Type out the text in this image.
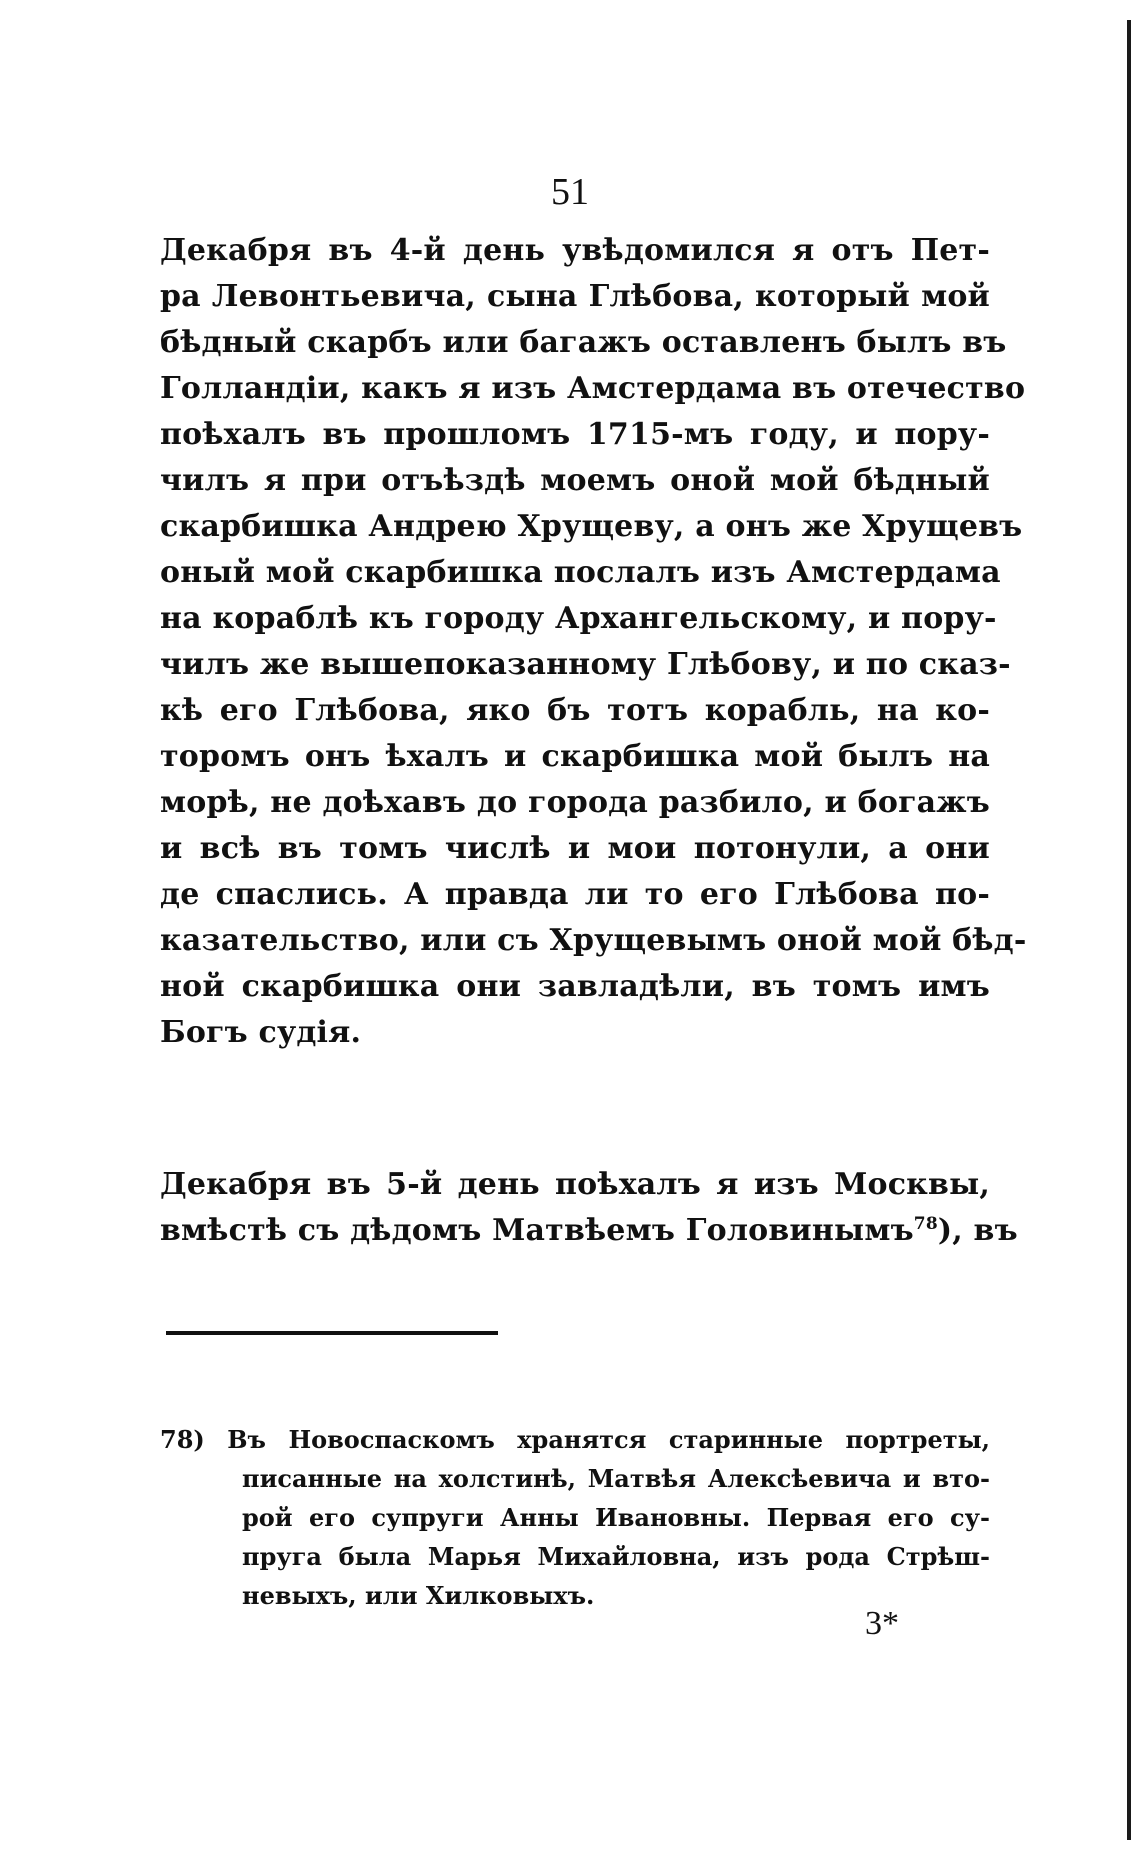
51
Декабря въ 4-й день увѣдомился я отъ Пет-
ра Левонтьевича, сына Глѣбова, который мой
бѣдный скарбъ или багажъ оставленъ былъ въ
Голландіи, какъ я изъ Амстердама въ отечество
поѣхалъ въ прошломъ 1715-мъ году, и пору-
чилъ я при отъѣздѣ моемъ оной мой бѣдный
скарбишка Андрею Хрущеву, а онъ же Хрущевъ
оный мой скарбишка послалъ изъ Амстердама
на кораблѣ къ городу Архангельскому, и пору-
чилъ же вышепоказанному Глѣбову, и по сказ-
кѣ его Глѣбова, яко бъ тотъ корабль, на ко-
торомъ онъ ѣхалъ и скарбишка мой былъ на
морѣ, не доѣхавъ до города разбило, и богажъ
и всѣ въ томъ числѣ и мои потонули, а они
де спаслись. А правда ли то его Глѣбова по-
казательство, или съ Хрущевымъ оной мой бѣд-
ной скарбишка они завладѣли, въ томъ имъ
Богъ судія.
Декабря въ 5-й день поѣхалъ я изъ Москвы,
вмѣстѣ съ дѣдомъ Матвѣемъ Головинымъ$^{78}$), въ
78) Въ Новоспаскомъ хранятся старинные портреты,
писанные на холстинѣ, Матвѣя Алексѣевича и вто-
рой его супруги Анны Ивановны. Первая его су-
пруга была Марья Михайловна, изъ рода Стрѣш-
невыхъ, или Хилковыхъ.
3*
